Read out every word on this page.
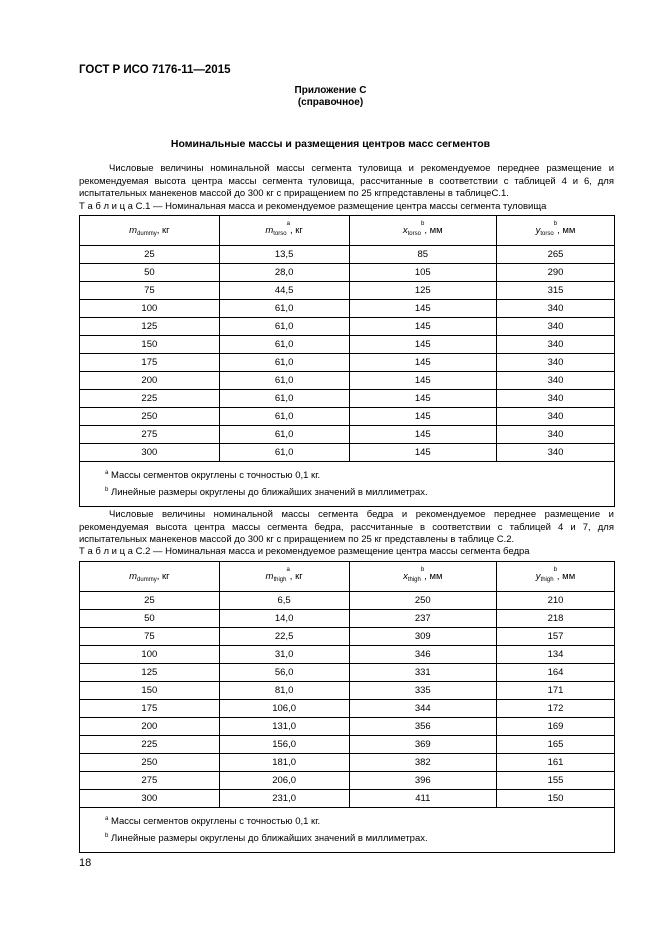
ГОСТ Р ИСО 7176-11—2015
Приложение С
(справочное)
Номинальные массы и размещения центров масс сегментов
Числовые величины номинальной массы сегмента туловища и рекомендуемое переднее размещение и рекомендуемая высота центра массы сегмента туловища, рассчитанные в соответствии с таблицей 4 и 6, для испытательных манекенов массой до 300 кг с приращением по 25 кгпредставлены в таблицеС.1.
Т а б л и ц а С.1 — Номинальная масса и рекомендуемое размещение центра массы сегмента туловища
$m_{dummy}$, кг	$m_{torso}^a$, кг	$x_{torso}^b$, мм	$y_{torso}^b$, мм
25	13,5	85	265
50	28,0	105	290
75	44,5	125	315
100	61,0	145	340
125	61,0	145	340
150	61,0	145	340
175	61,0	145	340
200	61,0	145	340
225	61,0	145	340
250	61,0	145	340
275	61,0	145	340
300	61,0	145	340

$^a$ Массы сегментов округлены с точностью 0,1 кг.
$^b$ Линейные размеры округлены до ближайших значений в миллиметрах.			
Числовые величины номинальной массы сегмента бедра и рекомендуемое переднее размещение и рекомендуемая высота центра массы сегмента бедра, рассчитанные в соответствии с таблицей 4 и 7, для испытательных манекенов массой до 300 кг с приращением по 25 кг представлены в таблице С.2.
Т а б л и ц а С.2 — Номинальная масса и рекомендуемое размещение центра массы сегмента бедра
$m_{dummy}$, кг	$m_{thigh}^a$, кг	$x_{thigh}^b$, мм	$y_{thigh}^b$, мм
25	6,5	250	210
50	14,0	237	218
75	22,5	309	157
100	31,0	346	134
125	56,0	331	164
150	81,0	335	171
175	106,0	344	172
200	131,0	356	169
225	156,0	369	165
250	181,0	382	161
275	206,0	396	155
300	231,0	411	150

$^a$ Массы сегментов округлены с точностью 0,1 кг.
$^b$ Линейные размеры округлены до ближайших значений в миллиметрах.			
18
